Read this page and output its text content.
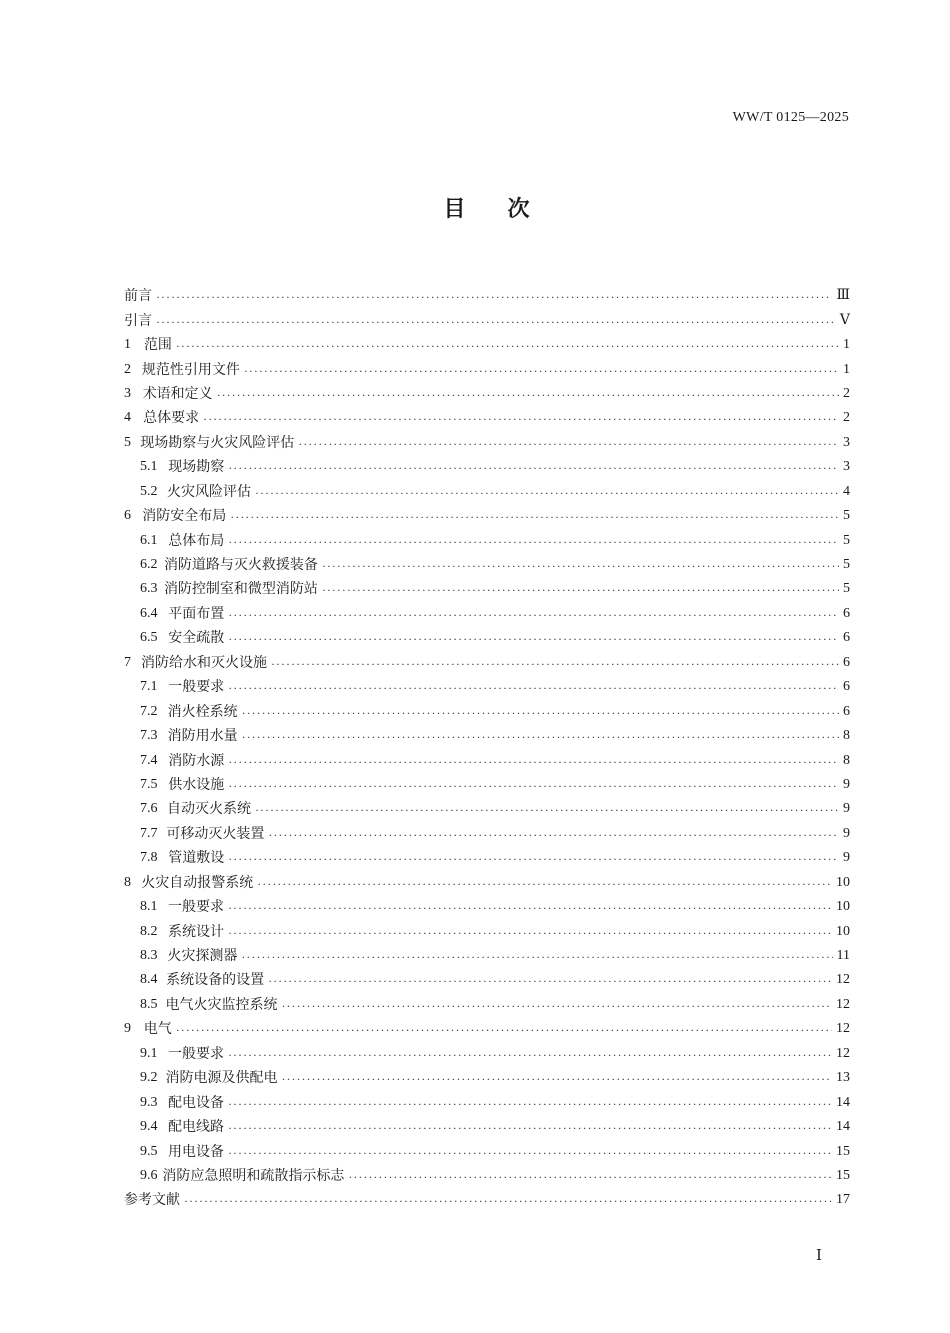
WW/T 0125—2025
目 次
前言 ·····	Ⅲ
引言 ·····	Ⅴ
1 范围 ·····	1
2 规范性引用文件 ·····	1
3 术语和定义 ·····	2
4 总体要求 ·····	2
5 现场勘察与火灾风险评估 ·····	3
5.1 现场勘察 ·····	3
5.2 火灾风险评估 ·····	4
6 消防安全布局 ·····	5
6.1 总体布局 ·····	5
6.2 消防道路与灭火救援装备 ·····	5
6.3 消防控制室和微型消防站 ·····	5
6.4 平面布置 ·····	6
6.5 安全疏散 ·····	6
7 消防给水和灭火设施 ·····	6
7.1 一般要求 ·····	6
7.2 消火栓系统 ·····	6
7.3 消防用水量 ·····	8
7.4 消防水源 ·····	8
7.5 供水设施 ·····	9
7.6 自动灭火系统 ·····	9
7.7 可移动灭火装置 ·····	9
7.8 管道敷设 ·····	9
8 火灾自动报警系统 ·····	10
8.1 一般要求 ·····	10
8.2 系统设计 ·····	10
8.3 火灾探测器 ·····	11
8.4 系统设备的设置 ·····	12
8.5 电气火灾监控系统 ·····	12
9 电气 ·····	12
9.1 一般要求 ·····	12
9.2 消防电源及供配电 ·····	13
9.3 配电设备 ·····	14
9.4 配电线路 ·····	14
9.5 用电设备 ·····	15
9.6 消防应急照明和疏散指示标志 ·····	15
参考文献 ·····	17
Ⅰ
